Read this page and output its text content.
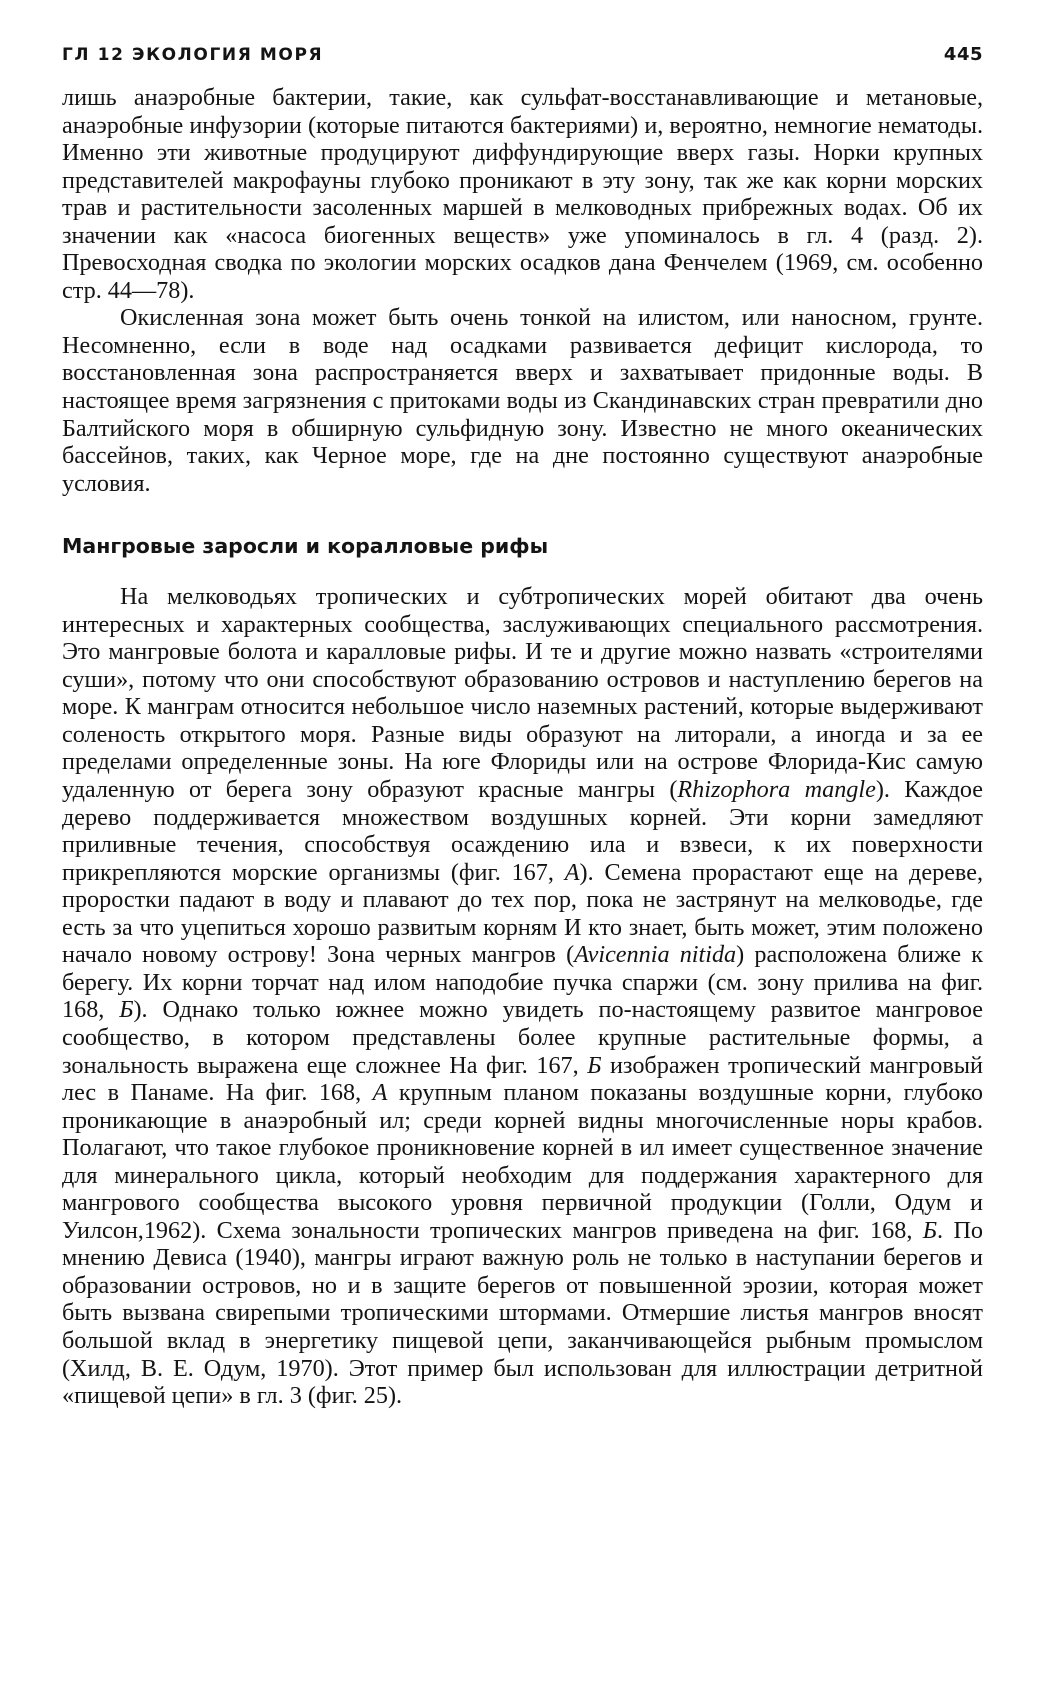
ГЛ 12 ЭКОЛОГИЯ МОРЯ	445

лишь анаэробные бактерии, такие, как сульфат-восстанавливающие и метановые, анаэробные инфузории (которые питаются бактериями) и, вероятно, немногие нематоды. Именно эти животные продуцируют диффундирующие вверх газы. Норки крупных представителей макрофауны глубоко проникают в эту зону, так же как корни морских трав и растительности засоленных маршей в мелководных прибрежных водах. Об их значении как «насоса биогенных веществ» уже упоминалось в гл. 4 (разд. 2). Превосходная сводка по экологии морских осадков дана Фенчелем (1969, см. особенно стр. 44—78).

Окисленная зона может быть очень тонкой на илистом, или наносном, грунте. Несомненно, если в воде над осадками развивается дефицит кислорода, то восстановленная зона распространяется вверх и захватывает придонные воды. В настоящее время загрязнения с притоками воды из Скандинавских стран превратили дно Балтийского моря в обширную сульфидную зону. Известно не много океанических бассейнов, таких, как Черное море, где на дне постоянно существуют анаэробные условия.

Мангровые заросли и коралловые рифы

На мелководьях тропических и субтропических морей обитают два очень интересных и характерных сообщества, заслуживающих специального рассмотрения. Это мангровые болота и каралловые рифы. И те и другие можно назвать «строителями суши», потому что они способствуют образованию островов и наступлению берегов на море. К манграм относится небольшое число наземных растений, которые выдерживают соленость открытого моря. Разные виды образуют на литорали, а иногда и за ее пределами определенные зоны. На юге Флориды или на острове Флорида-Кис самую удаленную от берега зону образуют красные мангры (Rhizophora mangle). Каждое дерево поддерживается множеством воздушных корней. Эти корни замедляют приливные течения, способствуя осаждению ила и взвеси, к их поверхности прикрепляются морские организмы (фиг. 167, А). Семена прорастают еще на дереве, проростки падают в воду и плавают до тех пор, пока не застрянут на мелководье, где есть за что уцепиться хорошо развитым корням И кто знает, быть может, этим положено начало новому острову! Зона черных мангров (Avicennia nitida) расположена ближе к берегу. Их корни торчат над илом наподобие пучка спаржи (см. зону прилива на фиг. 168, Б). Однако только южнее можно увидеть по-настоящему развитое мангровое сообщество, в котором представлены более крупные растительные формы, а зональность выражена еще сложнее На фиг. 167, Б изображен тропический мангровый лес в Панаме. На фиг. 168, А крупным планом показаны воздушные корни, глубоко проникающие в анаэробный ил; среди корней видны многочисленные норы крабов. Полагают, что такое глубокое проникновение корней в ил имеет существенное значение для минерального цикла, который необходим для поддержания характерного для мангрового сообщества высокого уровня первичной продукции (Голли, Одум и Уилсон,1962). Схема зональности тропических мангров приведена на фиг. 168, Б. По мнению Девиса (1940), мангры играют важную роль не только в наступании берегов и образовании островов, но и в защите берегов от повышенной эрозии, которая может быть вызвана свирепыми тропическими штормами. Отмершие листья мангров вносят большой вклад в энергетику пищевой цепи, заканчивающейся рыбным промыслом (Хилд, В. Е. Одум, 1970). Этот пример был использован для иллюстрации детритной «пищевой цепи» в гл. 3 (фиг. 25).
